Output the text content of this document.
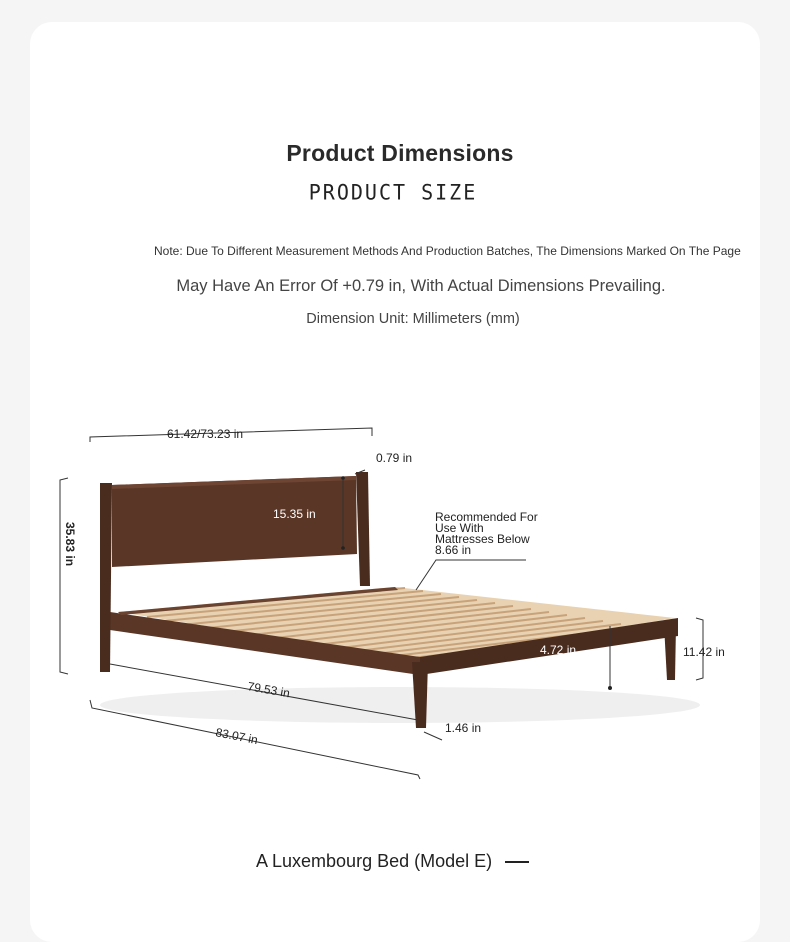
Product Dimensions
PRODUCT SIZE
Note: Due To Different Measurement Methods And Production Batches, The Dimensions Marked On The Page
May Have An Error Of +0.79 in, With Actual Dimensions Prevailing.
Dimension Unit: Millimeters (mm)
61.42/73.23 in
0.79 in
15.35 in
35.83 in
Recommended For
Use With
Mattresses Below
8.66 in
4.72 in
6.69 in
11.42 in
79.53 in
1.46 in
83.07 in
A Luxembourg Bed (Model E)
